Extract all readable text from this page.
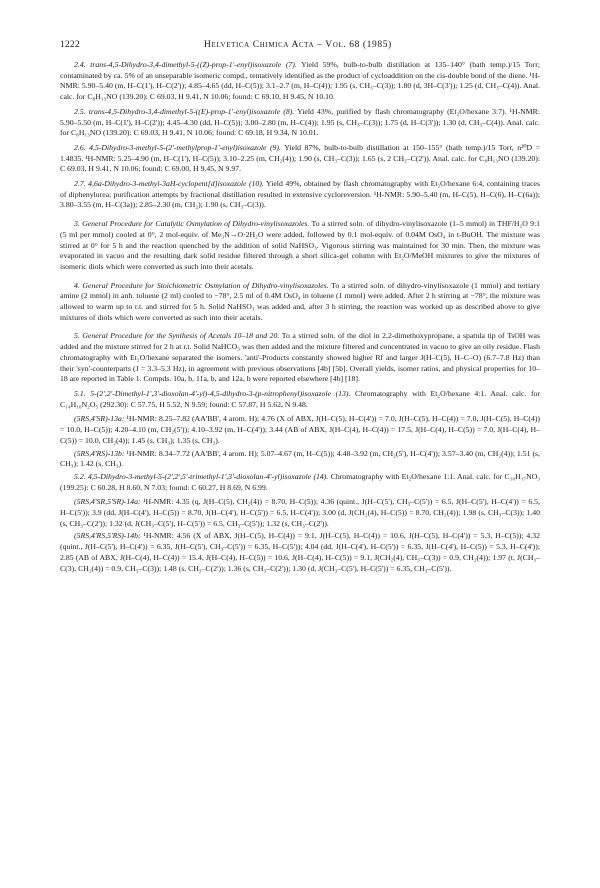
1222	Helvetica Chimica Acta – Vol. 68 (1985)

2.4. trans-4,5-Dihydro-3,4-dimethyl-5-((Z)-prop-1'-enyl)isoxazole (7). Yield 59%, bulb-to-bulb distillation at 135–140° (bath temp.)/15 Torr; contaminated by ca. 5% of an unseparable isomeric compd., tentatively identified as the product of cycloaddition on the cis-double bond of the diene. ¹H-NMR: 5.90–5.40 (m, H–C(1'), H–C(2')); 4.85–4.65 (dd, H–C(5)); 3.1–2.7 (m, H–C(4)); 1.95 (s, CH₃–C(3)); 1.80 (d, 3H–C(3')); 1.25 (d, CH₃–C(4)). Anal. calc. for C₈H₁₃NO (139.20): C 69.03, H 9.41, N 10.06; found: C 69.10, H 9.45, N 10.10.

2.5. trans-4,5-Dihydro-3,4-dimethyl-5-((E)-prop-1'-enyl)isoxazole (8). Yield 43%, purified by flash chromatography (Et₂O/hexane 3:7). ¹H-NMR: 5.90–5.50 (m, H–C(1'), H–C(2')); 4.45–4.30 (dd, H–C(5)); 3.00–2.80 (m, H–C(4)); 1.95 (s, CH₃–C(3)); 1.75 (d, H–C(3')); 1.30 (d, CH₃–C(4)). Anal. calc. for C₈H₁₃NO (139.20): C 69.03, H 9.41, N 10.06; found: C 69.18, H 9.34, N 10.01.

2.6. 4,5-Dihydro-3-methyl-5-(2'-methylprop-1'-enyl)isoxazole (9). Yield 87%, bulb-to-bulb distillation at 150–155° (bath temp.)/15 Torr, n²⁰D = 1.4835. ¹H-NMR: 5.25–4.90 (m, H–C(1'), H–C(5)); 3.10–2.25 (m, CH₂(4)); 1.90 (s, CH₃–C(3)); 1.65 (s, 2 CH₃–C(2')). Anal. calc. for C₈H₁₃NO (139.20): C 69.03, H 9.41, N 10.06; found: C 69.00, H 9.45, N 9.97.

2.7. 4,6a-Dihydro-3-methyl-3aH-cyclopent[d]isoxazole (10). Yield 49%, obtained by flash chromatography with Et₂O/hexane 6:4, containing traces of diphenylurea; purification attempts by fractional distillation resulted in extensive cycloreversion. ¹H-NMR: 5.90–5.40 (m, H–C(5), H–C(6), H–C(6a)); 3.80–3.55 (m, H–C(3a)); 2.85–2.30 (m, CH₂); 1.90 (s, CH₃–C(3)).

3. General Procedure for Catalytic Osmylation of Dihydro-vinylisoxazoles. To a stirred soln. of dihydro-vinylisoxazole (1–5 mmol) in THF/H₂O 9:1 (5 ml per mmol) cooled at 0°, 2 mol-equiv. of Me₃N→O·2H₂O were added, followed by 0.1 mol-equiv. of 0.04M OsO₄ in t-BuOH. The mixture was stirred at 0° for 5 h and the reaction quenched by the addition of solid NaHSO₃. Vigorous stirring was maintained for 30 min. Then, the mixture was evaporated in vacuo and the resulting dark solid residue filtered through a short silica-gel column with Et₂O/MeOH mixtures to give the mixtures of isomeric diols which were converted as such into their acetals.

4. General Procedure for Stoichiometric Osmylation of Dihydro-vinylisoxazoles. To a stirred soln. of dihydro-vinylisoxazole (1 mmol) and tertiary amine (2 mmol) in anh. toluene (2 ml) cooled to −78°, 2.5 ml of 0.4M OsO₄ in toluene (1 mmol) were added. After 2 h stirring at −78°, the mixture was allowed to warm up to r.t. and stirred for 5 h. Solid NaHSO₃ was added and, after 3 h stirring, the reaction was worked up as described above to give mixtures of diols which were converted as such into their acetals.

5. General Procedure for the Synthesis of Acetals 10–18 and 20. To a stirred soln. of the diol in 2,2-dimethoxypropane, a spatula tip of TsOH was added and the mixture stirred for 2 h at r.t. Solid NaHCO₃ was then added and the mixture filtered and concentrated in vacuo to give an oily residue. Flash chromatography with Et₂O/hexane separated the isomers. 'anti'-Products constantly showed higher Rf and larger J(H–C(5), H–C–O) (6.7–7.8 Hz) than their 'syn'-counterparts (J = 3.3–5.3 Hz), in agreement with previous observations [4b] [5b]. Overall yields, isomer ratios, and physical properties for 10–18 are reported in Table 1. Compds. 10a, b, 11a, b, and 12a, b were reported elsewhere [4b] [18].

5.1. 5-(2',2'-Dimethyl-1',3'-dioxolan-4'-yl)-4,5-dihydro-3-(p-nitrophenyl)isoxazole (13). Chromatography with Et₂O/hexane 4:1. Anal. calc. for C₁₄H₁₆N₂O₅ (292.30): C 57.75, H 5.52, N 9.59; found: C 57.87, H 5.62, N 9.48.

(5RS,4'SR)-13a: ¹H-NMR: 8.25–7.82 (AA'BB', 4 arom. H); 4.76 (X of ABX, J(H–C(5), H–C(4')) = 7.0, J(H–C(5), H–C(4)) = 7.0, J(H–C(5), H–C(4)) = 10.0, H–C(5)); 4.20–4.10 (m, CH₂(5')); 4.10–3.92 (m, H–C(4')); 3.44 (AB of ABX, J(H–C(4), H–C(4)) = 17.5, J(H–C(4), H–C(5)) = 7.0, J(H–C(4), H–C(5)) = 10.0, CH₂(4)); 1.45 (s, CH₃); 1.35 (s, CH₃).

(5RS,4'RS)-13b: ¹H-NMR: 8.34–7.72 (AA'BB', 4 arom. H); 5.07–4.67 (m, H–C(5)); 4.48–3.92 (m, CH₂(5'), H–C(4')); 3.57–3.40 (m, CH₂(4)); 1.51 (s, CH₃); 1.42 (s, CH₃).

5.2. 4,5-Dihydro-3-methyl-5-(2',2',5'-trimethyl-1',3'-dioxolan-4'-yl)isoxazole (14). Chromatography with Et₂O/hexane 1:1. Anal. calc. for C₁₀H₁₇NO₃ (199.25): C 60.28, H 8.60, N 7.03; found: C 60.27, H 8.69, N 6.99.

(5RS,4'SR,5'SR)-14a: ¹H-NMR: 4.35 (q, J(H–C(5), CH₂(4)) = 8.70, H–C(5)); 4.36 (quint., J(H–C(5'), CH₃–C(5')) = 6.5, J(H–C(5'), H–C(4')) = 6.5, H–C(5')); 3.9 (dd, J(H–C(4'), H–C(5)) = 8.70, J(H–C(4'), H–C(5')) = 6.5, H–C(4')); 3.00 (d, J(CH₂(4), H–C(5)) = 8.70, CH₂(4)); 1.98 (s, CH₃–C(3)); 1.40 (s, CH₃–C(2')); 1.32 (d, J(CH₃–C(5'), H–C(5')) = 6.5, CH₃–C(5')); 1.32 (s, CH₃–C(2')).

(5RS,4'RS,5'RS)-14b: ¹H-NMR: 4.56 (X of ABX, J(H–C(5), H–C(4)) = 9.1, J(H–C(5), H–C(4)) = 10.6, J(H–C(5), H–C(4')) = 5.3, H–C(5)); 4.32 (quint., J(H–C(5'), H–C(4')) = 6.35, J(H–C(5'), CH₃–C(5')) = 6.35, H–C(5')); 4.04 (dd, J(H–C(4'), H–C(5')) = 6.35, J(H–C(4'), H–C(5)) = 5.3, H–C(4')); 2.85 (AB of ABX, J(H–C(4), H–C(4)) = 15.4, J(H–C(4), H–C(5)) = 10.6, J(H–C(4), H–C(5)) = 9.1, J(CH₂(4), CH₃–C(3)) = 0.9, CH₂(4)); 1.97 (t, J(CH₃–C(3), CH₂(4)) = 0.9, CH₃–C(3)); 1.48 (s, CH₃–C(2')); 1.36 (s, CH₃–C(2')); 1.30 (d, J(CH₃–C(5'), H–C(5')) = 6.35, CH₃–C(5')).
